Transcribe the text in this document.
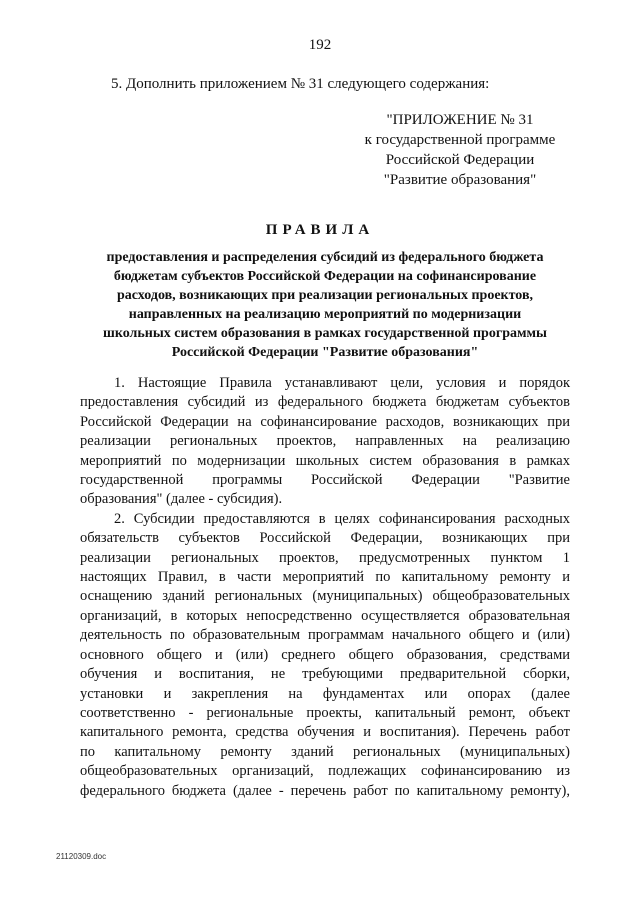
192
5. Дополнить приложением № 31 следующего содержания:
"ПРИЛОЖЕНИЕ № 31
к государственной программе
Российской Федерации
"Развитие образования"
ПРАВИЛА
предоставления и распределения субсидий из федерального бюджета
бюджетам субъектов Российской Федерации на софинансирование
расходов, возникающих при реализации региональных проектов,
направленных на реализацию мероприятий по модернизации
школьных систем образования в рамках государственной программы
Российской Федерации "Развитие образования"
1. Настоящие Правила устанавливают цели, условия и порядок
предоставления субсидий из федерального бюджета бюджетам субъектов
Российской Федерации на софинансирование расходов, возникающих при
реализации региональных проектов, направленных на реализацию
мероприятий по модернизации школьных систем образования в рамках
государственной программы Российской Федерации "Развитие
образования" (далее - субсидия).
2. Субсидии предоставляются в целях софинансирования расходных
обязательств субъектов Российской Федерации, возникающих при
реализации региональных проектов, предусмотренных пунктом 1
настоящих Правил, в части мероприятий по капитальному ремонту и
оснащению зданий региональных (муниципальных) общеобразовательных
организаций, в которых непосредственно осуществляется образовательная
деятельность по образовательным программам начального общего и (или)
основного общего и (или) среднего общего образования, средствами
обучения и воспитания, не требующими предварительной сборки,
установки и закрепления на фундаментах или опорах (далее
соответственно - региональные проекты, капитальный ремонт, объект
капитального ремонта, средства обучения и воспитания). Перечень работ
по капитальному ремонту зданий региональных (муниципальных)
общеобразовательных организаций, подлежащих софинансированию из
федерального бюджета (далее - перечень работ по капитальному ремонту),
21120309.doc
